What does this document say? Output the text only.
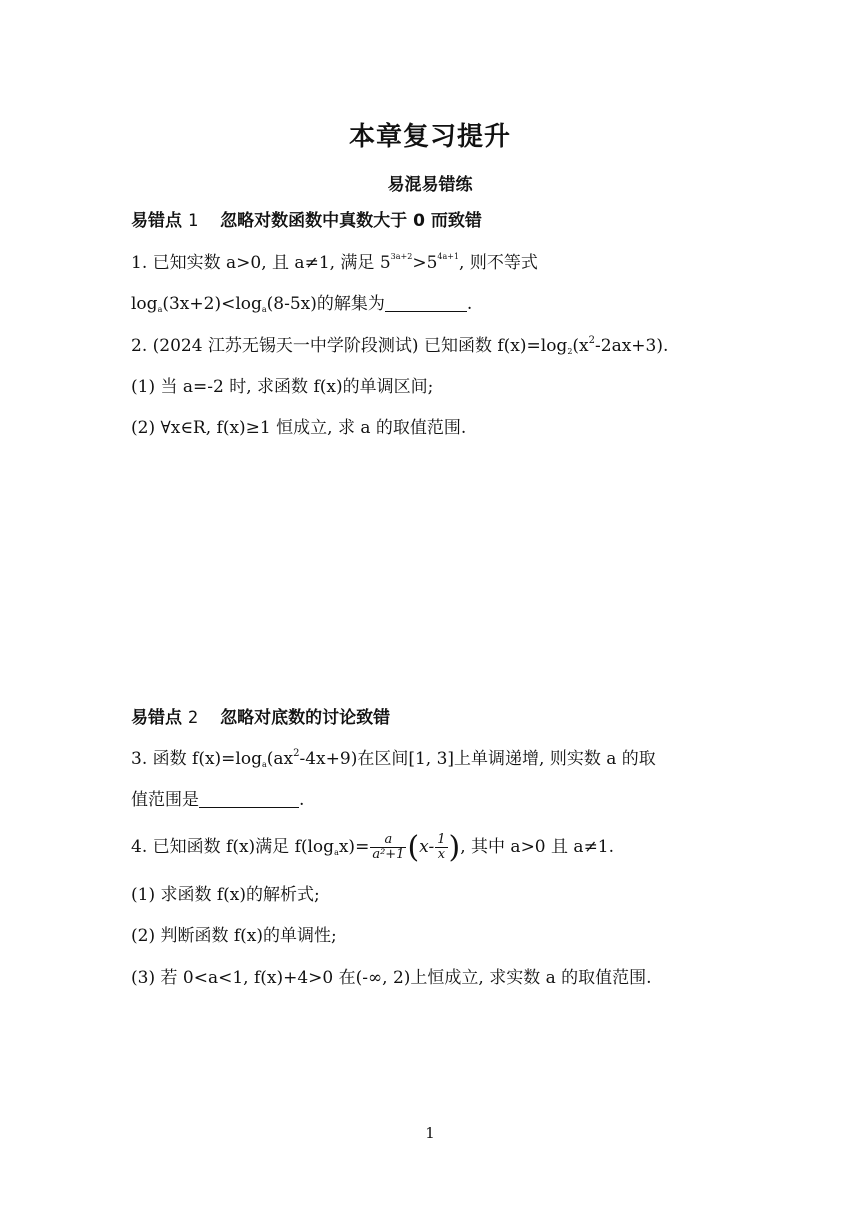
本章复习提升
易混易错练
易错点 1 忽略对数函数中真数大于 0 而致错
1. 已知实数 a>0, 且 a≠1, 满足 $5^{3a+2}>5^{4a+1}$, 则不等式
$\log_a(3x+2)<\log_a(8-5x)$的解集为	.
2. (2024 江苏无锡天一中学阶段测试) 已知函数 $f(x)=\log_2(x^2-2ax+3)$.
(1) 当 a=-2 时, 求函数 f(x)的单调区间;
(2) ∀x∈R, f(x)≥1 恒成立, 求 a 的取值范围.
易错点 2 忽略对底数的讨论致错
3. 函数 $f(x)=\log_a(ax^2-4x+9)$在区间[1, 3]上单调递增, 则实数 a 的取
值范围是	.
4. 已知函数 f(x)满足 $f(\log_ax)= \frac{a}{\text{a²+1}} (x- \frac{1}{x}$ ), 其中 a>0 且 a≠1.
(1) 求函数 f(x)的解析式;
(2) 判断函数 f(x)的单调性;
(3) 若 0<a<1, f(x)+4>0 在(-∞, 2)上恒成立, 求实数 a 的取值范围.
1
